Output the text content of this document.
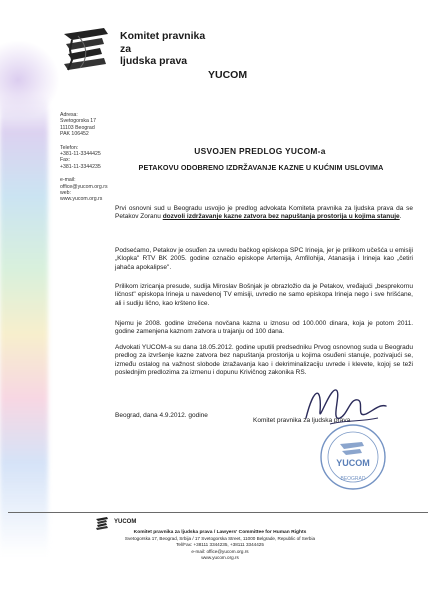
Komitet pravnika
za
ljudska prava
YUCOM
Adresa:
Svetogorska 17
11103 Beograd
PAK 106452
Telefon:
+381-11-3344425
Fax:
+381-11-3344235
e-mail:
office@yucom.org.rs
web:
www.yucom.org.rs
USVOJEN PREDLOG YUCOM-a
PETAKOVU ODOBRENO IZDRŽAVANJE KAZNE U KUĆNIM USLOVIMA
Prvi osnovni sud u Beogradu usvojio je predlog advokata Komiteta pravnika za ljudska prava da se Petakov Zoranu dozvoli izdržavanje kazne zatvora bez napuštanja prostorija u kojima stanuje.
Podsećamo, Petakov je osuđen za uvredu bačkog episkopa SPC Irineja, jer je prilikom učešća u emisiji „Klopka" RTV BK 2005. godine označio episkope Artemija, Amfilohija, Atanasija i Irineja kao „četiri jahača apokalipse".
Prilikom izricanja presude, sudija Miroslav Bošnjak je obrazložio da je Petakov, vređajući „besprekornu ličnost" episkopa Irineja u navedenoj TV emisiji, uvredio ne samo episkopa Irineja nego i sve hrišćane, ali i sudiju lično, kao kršteno lice.
Njemu je 2008. godine izrečena novčana kazna u iznosu od 100.000 dinara, koja je potom 2011. godine zamenjena kaznom zatvora u trajanju od 100 dana.
Advokati YUCOM-a su dana 18.05.2012. godine uputili predsedniku Prvog osnovnog suda u Beogradu predlog za izvršenje kazne zatvora bez napuštanja prostorija u kojima osuđeni stanuje, pozivajući se, između ostalog na važnost slobode izražavanja kao i dekriminalizaciju uvrede i klevete, kojoj se teži poslednjim predlozima za izmenu i dopunu Krivičnog zakonika RS.
Beograd, dana 4.9.2012. godine
Komitet pravnika za ljudska prava
YUCOM
BEOGRAD
YUCOM
Komitet pravnika za ljudska prava / Lawyers' Committee for Human Rights
Svetogorska 17, Beograd, Srbija / 17 Svetogorska Street, 11000 Belgrade, Republic of Serbia
Tel/Fax: +38111 3344235, +38111 3344425
e-mail: office@yucom.org.rs
www.yucom.org.rs
